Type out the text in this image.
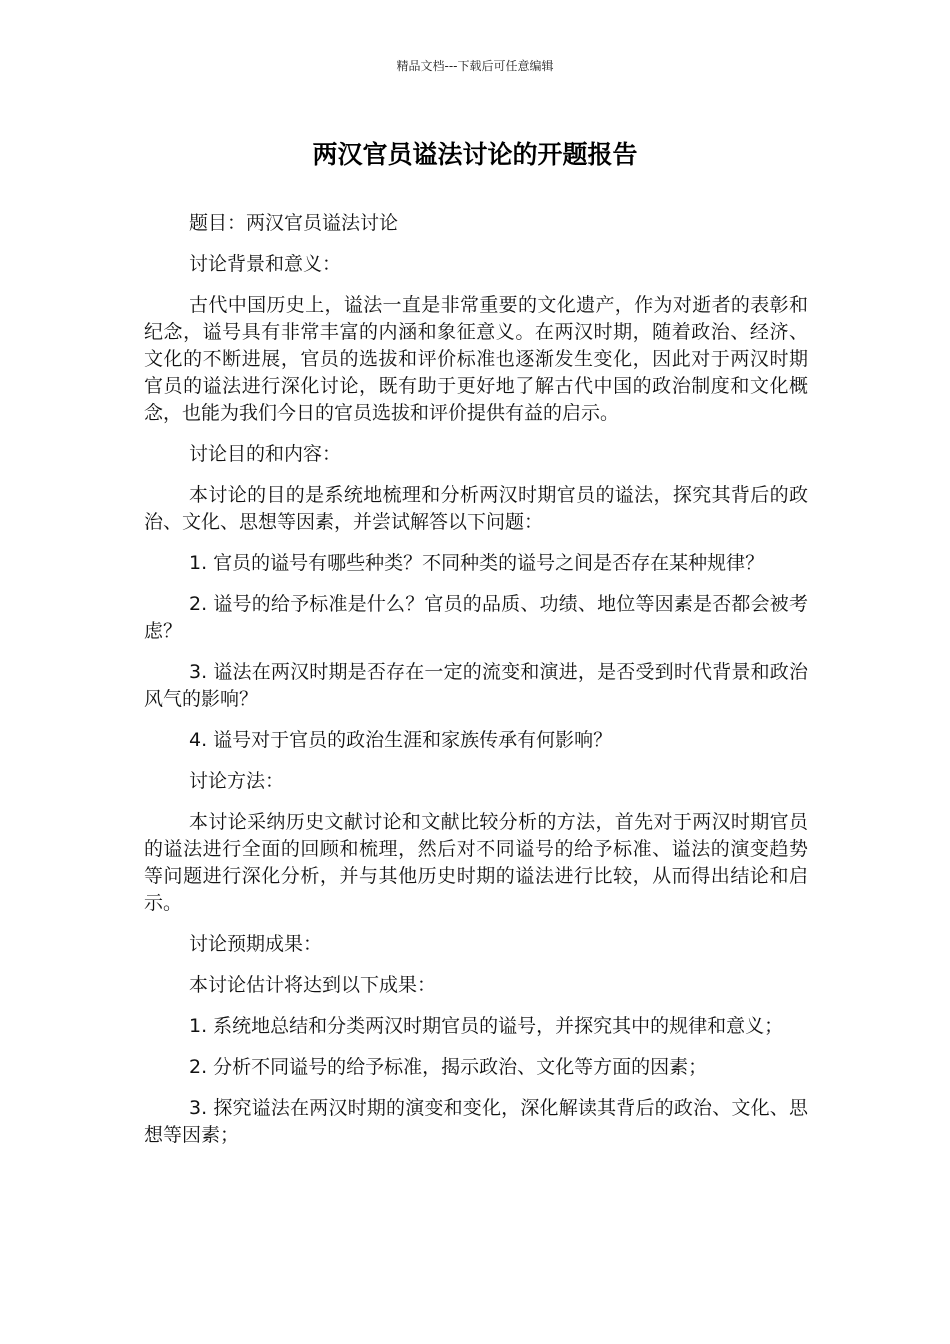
精品文档---下载后可任意编辑
两汉官员谥法讨论的开题报告

题目：两汉官员谥法讨论

讨论背景和意义：

古代中国历史上，谥法一直是非常重要的文化遗产，作为对逝者的表彰和纪念，谥号具有非常丰富的内涵和象征意义。在两汉时期，随着政治、经济、文化的不断进展，官员的选拔和评价标准也逐渐发生变化，因此对于两汉时期官员的谥法进行深化讨论，既有助于更好地了解古代中国的政治制度和文化概念，也能为我们今日的官员选拔和评价提供有益的启示。

讨论目的和内容：

本讨论的目的是系统地梳理和分析两汉时期官员的谥法，探究其背后的政治、文化、思想等因素，并尝试解答以下问题：

1. 官员的谥号有哪些种类？不同种类的谥号之间是否存在某种规律？

2. 谥号的给予标准是什么？官员的品质、功绩、地位等因素是否都会被考虑？

3. 谥法在两汉时期是否存在一定的流变和演进，是否受到时代背景和政治风气的影响？

4. 谥号对于官员的政治生涯和家族传承有何影响？

讨论方法：

本讨论采纳历史文献讨论和文献比较分析的方法，首先对于两汉时期官员的谥法进行全面的回顾和梳理，然后对不同谥号的给予标准、谥法的演变趋势等问题进行深化分析，并与其他历史时期的谥法进行比较，从而得出结论和启示。

讨论预期成果：

本讨论估计将达到以下成果：

1. 系统地总结和分类两汉时期官员的谥号，并探究其中的规律和意义；

2. 分析不同谥号的给予标准，揭示政治、文化等方面的因素；

3. 探究谥法在两汉时期的演变和变化，深化解读其背后的政治、文化、思想等因素；
